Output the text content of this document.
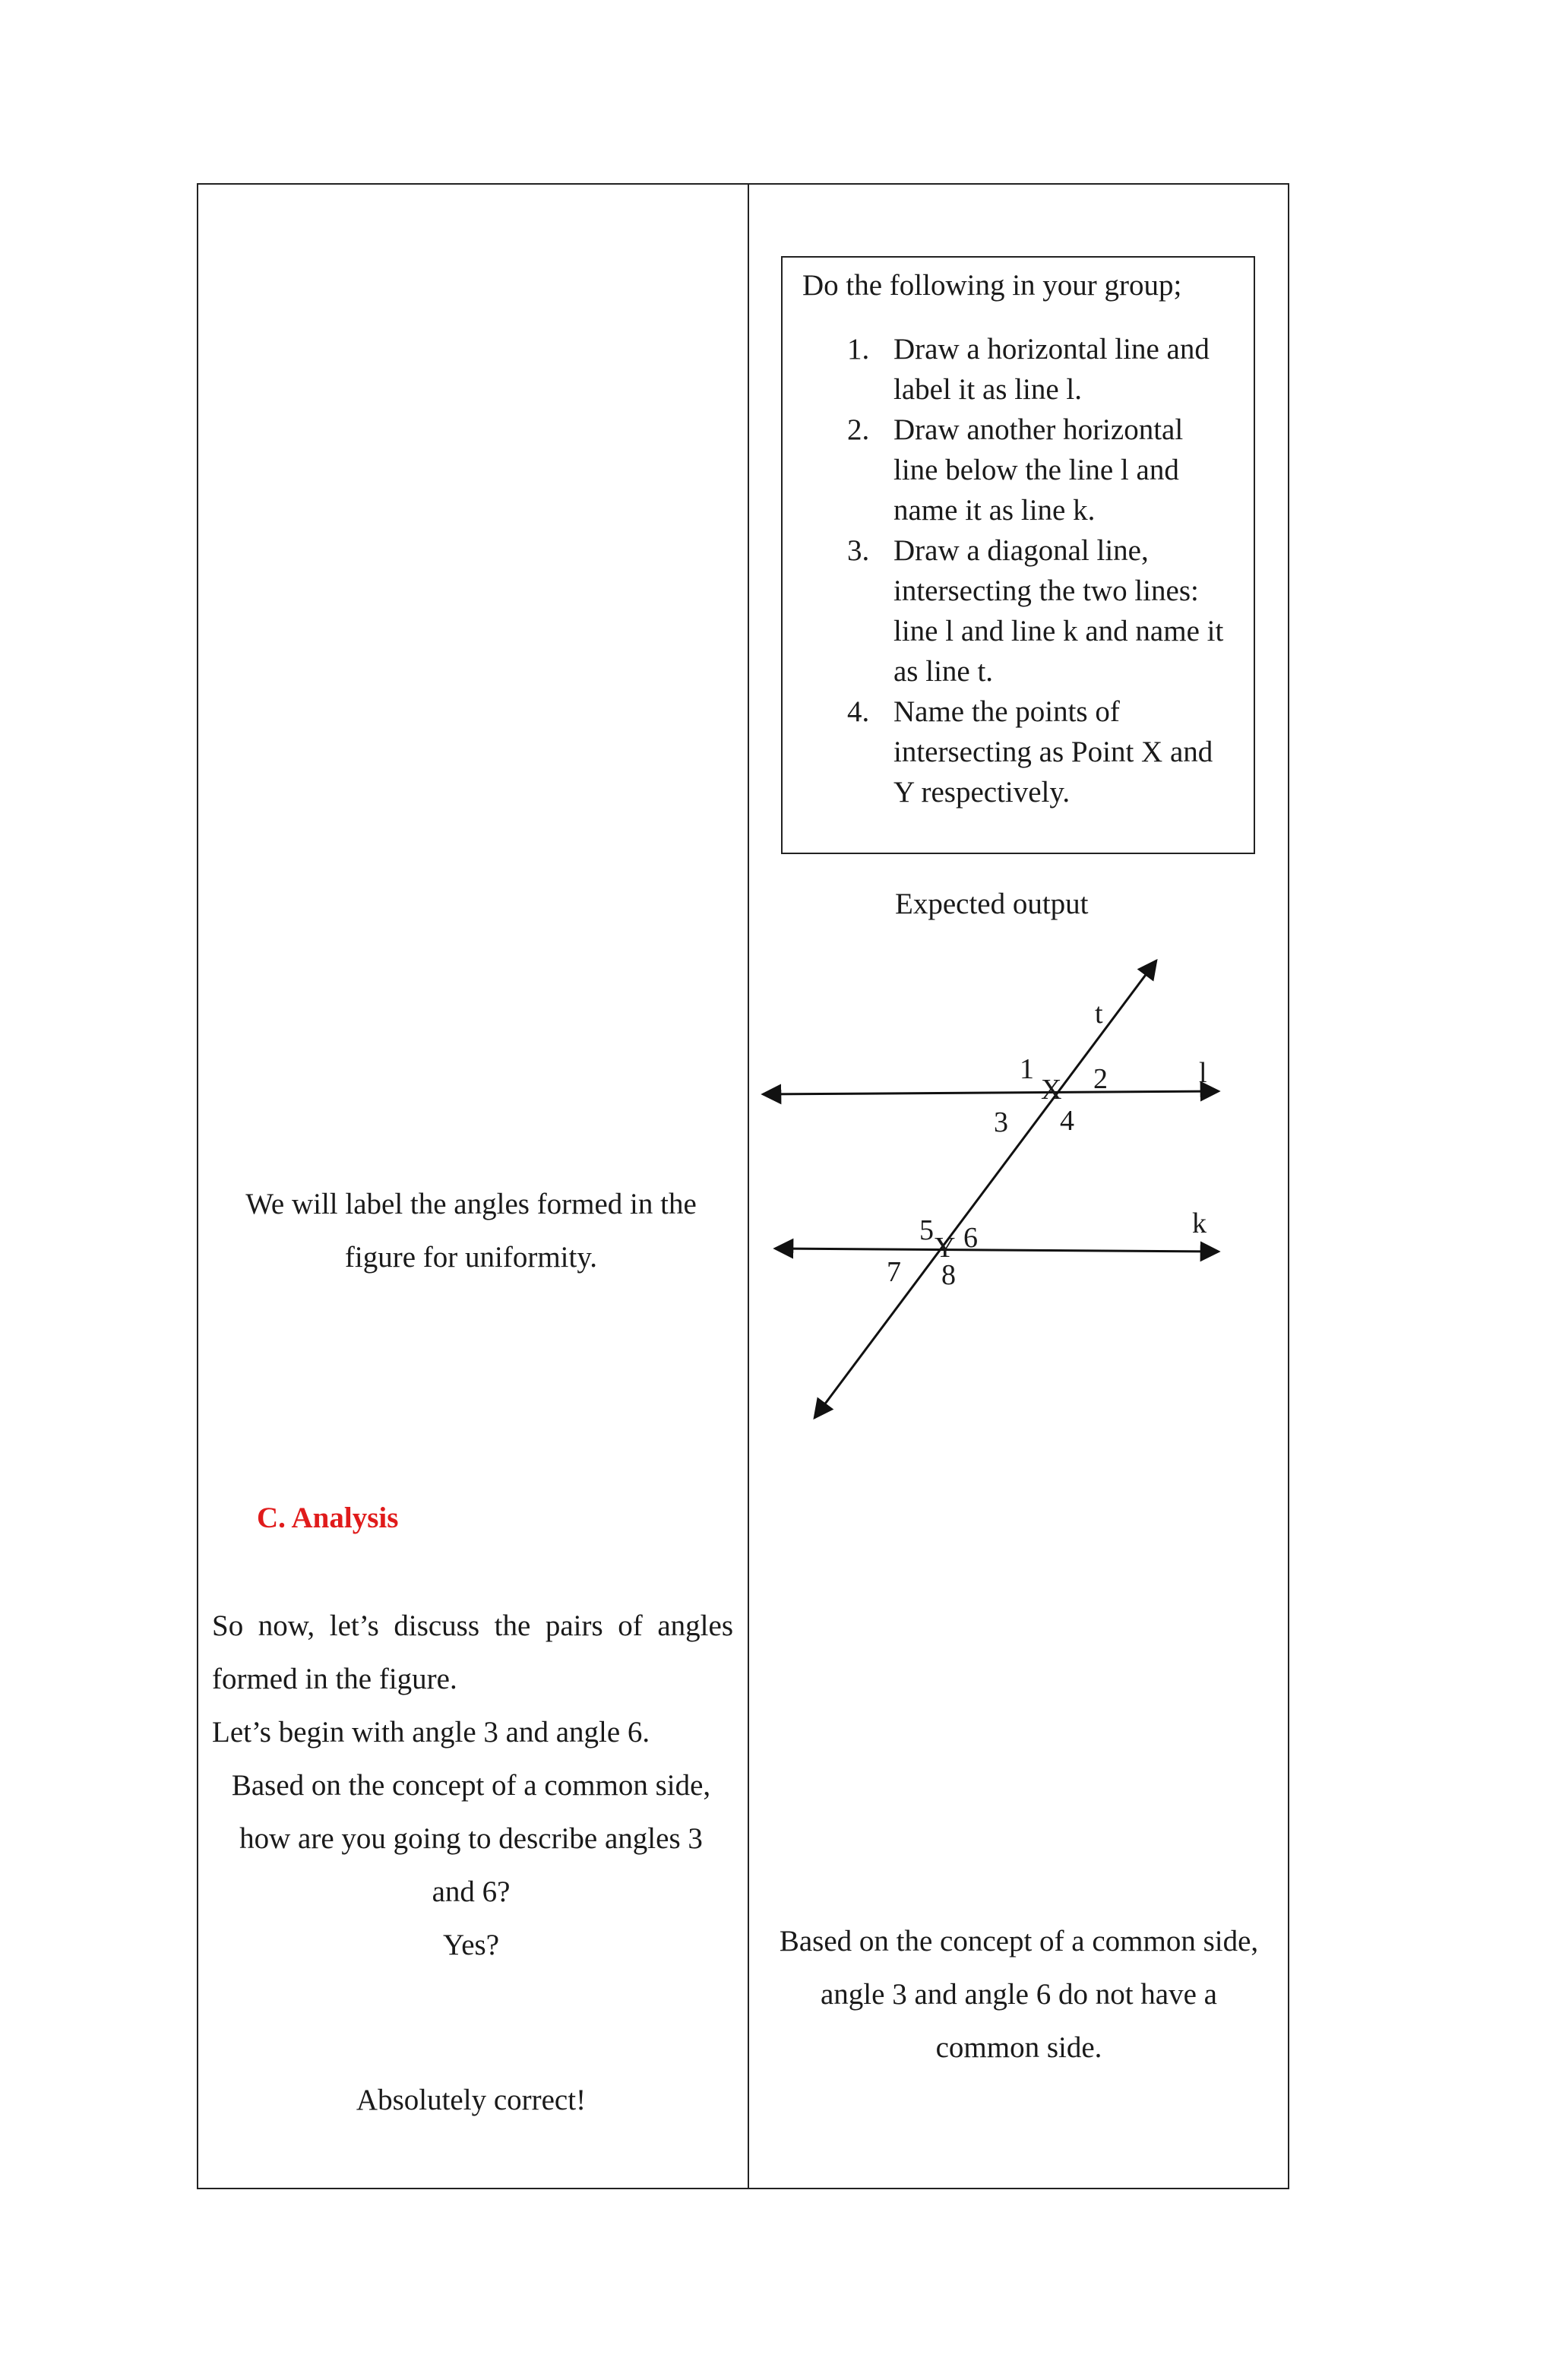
We will label the angles formed in the
figure for uniformity.
C. Analysis
So now, let’s discuss the pairs of angles
formed in the figure.
Let’s begin with angle 3 and angle 6.
Based on the concept of a common side,
how are you going to describe angles 3
and 6?
Yes?
Absolutely correct!
Do the following in your group;
1. Draw a horizontal line and
label it as line l.
2. Draw another horizontal
line below the line l and
name it as line k.
3. Draw a diagonal line,
intersecting the two lines:
line l and line k and name it
as line t.
4. Name the points of
intersecting as Point X and
Y respectively.
Expected output
t
l
k
X
Y
1 2
3 4
5 6
7 8
Based on the concept of a common side,
angle 3 and angle 6 do not have a
common side.
